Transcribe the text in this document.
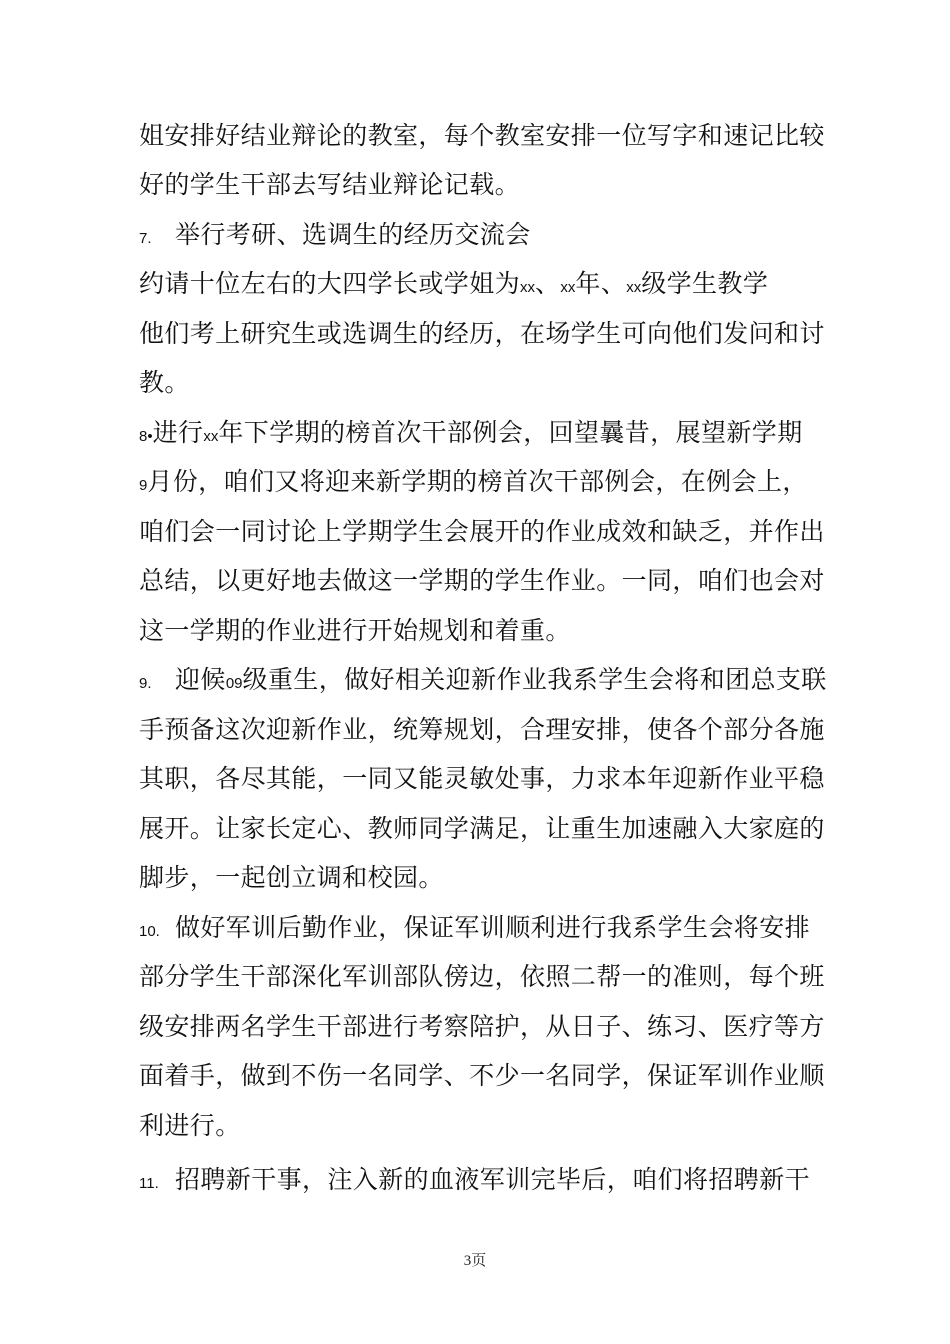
姐安排好结业辩论的教室，每个教室安排一位写字和速记比较
好的学生干部去写结业辩论记载。
7. 举行考研、选调生的经历交流会
约请十位左右的大四学长或学姐为xx、xx年、xx级学生教学
他们考上研究生或选调生的经历，在场学生可向他们发问和讨
教。
8•进行xx年下学期的榜首次干部例会，回望曩昔，展望新学期
9月份，咱们又将迎来新学期的榜首次干部例会，在例会上，
咱们会一同讨论上学期学生会展开的作业成效和缺乏，并作出
总结，以更好地去做这一学期的学生作业。一同，咱们也会对
这一学期的作业进行开始规划和着重。
9. 迎候09级重生，做好相关迎新作业我系学生会将和团总支联
手预备这次迎新作业，统筹规划，合理安排，使各个部分各施
其职，各尽其能，一同又能灵敏处事，力求本年迎新作业平稳
展开。让家长定心、教师同学满足，让重生加速融入大家庭的
脚步，一起创立调和校园。
10. 做好军训后勤作业，保证军训顺利进行我系学生会将安排
部分学生干部深化军训部队傍边，依照二帮一的准则，每个班
级安排两名学生干部进行考察陪护，从日子、练习、医疗等方
面着手，做到不伤一名同学、不少一名同学，保证军训作业顺
利进行。
11. 招聘新干事，注入新的血液军训完毕后，咱们将招聘新干
3页
